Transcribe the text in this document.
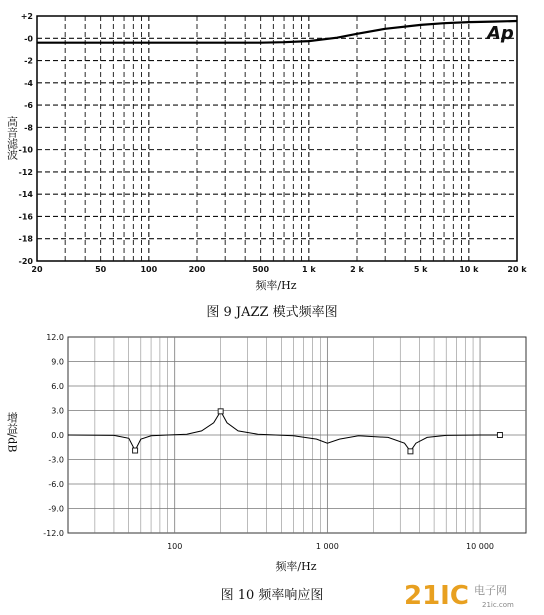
+2
-0
-2
-4
-6
-8
-10
-12
-14
-16
-18
-20
20	50	100	200	500	1 k	2 k	5 k	10 k	20 k
Ap
频率/Hz
高音滤波
图 9 JAZZ 模式频率图
12.0
9.0
6.0
3.0
0.0
-3.0
-6.0
-9.0
-12.0
100	1 000	10 000
频率/Hz
增益/dB
图 10 频率响应图	21IC 电子网
21ic.com
